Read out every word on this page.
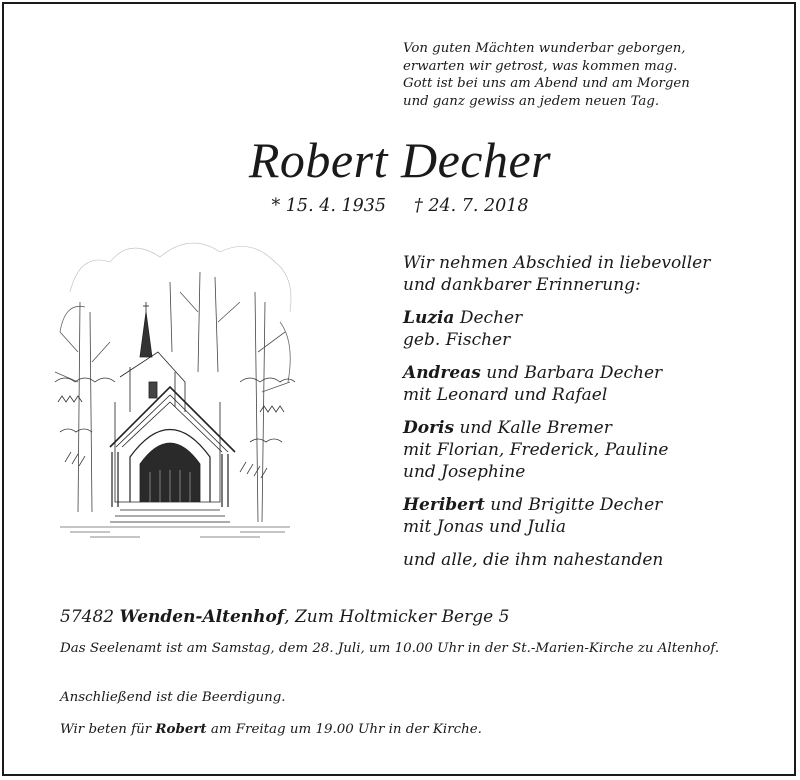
Von guten Mächten wunderbar geborgen,
erwarten wir getrost, was kommen mag.
Gott ist bei uns am Abend und am Morgen
und ganz gewiss an jedem neuen Tag.
Robert Decher
* 15. 4. 1935 † 24. 7. 2018
Wir nehmen Abschied in liebevoller
und dankbarer Erinnerung:
Luzia Decher
geb. Fischer
Andreas und Barbara Decher
mit Leonard und Rafael
Doris und Kalle Bremer
mit Florian, Frederick, Pauline
und Josephine
Heribert und Brigitte Decher
mit Jonas und Julia
und alle, die ihm nahestanden
57482 Wenden-Altenhof, Zum Holtmicker Berge 5
Das Seelenamt ist am Samstag, dem 28. Juli, um 10.00 Uhr in der St.-Marien-Kirche zu Altenhof.
Anschließend ist die Beerdigung.
Wir beten für Robert am Freitag um 19.00 Uhr in der Kirche.
